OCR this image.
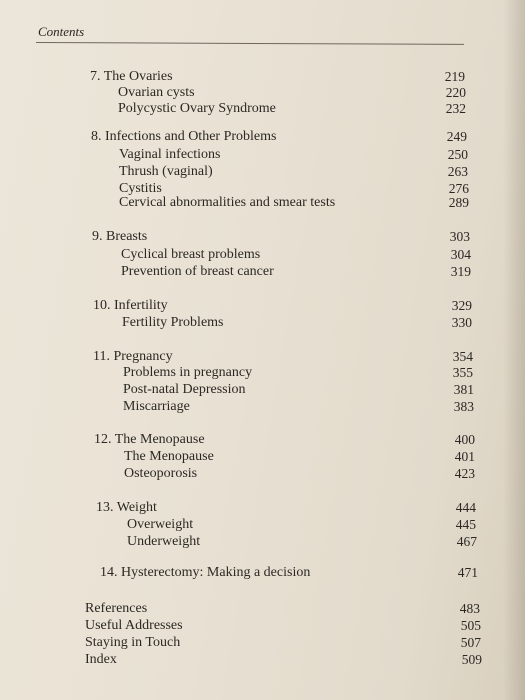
Contents
7. The Ovaries	219
Ovarian cysts	220
Polycystic Ovary Syndrome	232
8. Infections and Other Problems	249
Vaginal infections	250
Thrush (vaginal)	263
Cystitis	276
Cervical abnormalities and smear tests	289
9. Breasts	303
Cyclical breast problems	304
Prevention of breast cancer	319
10. Infertility	329
Fertility Problems	330
11. Pregnancy	354
Problems in pregnancy	355
Post-natal Depression	381
Miscarriage	383
12. The Menopause	400
The Menopause	401
Osteoporosis	423
13. Weight	444
Overweight	445
Underweight	467
14. Hysterectomy: Making a decision	471
References	483
Useful Addresses	505
Staying in Touch	507
Index	509
